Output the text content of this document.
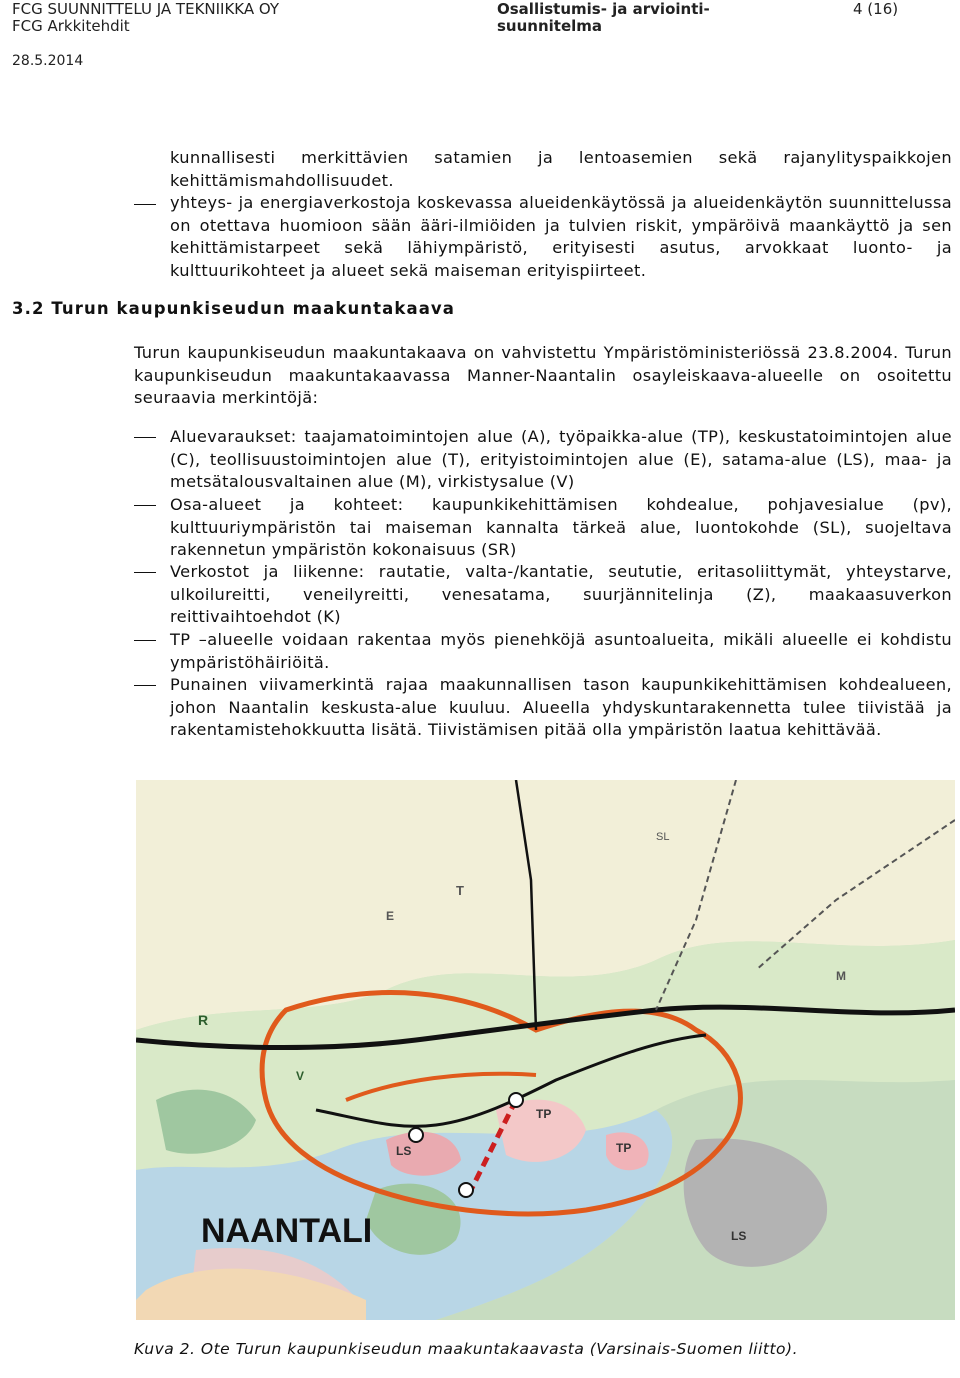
FCG SUUNNITTELU JA TEKNIIKKA OY
FCG Arkkitehdit
28.5.2014
Osallistumis- ja arviointi-
suunnitelma
4 (16)
kunnallisesti merkittävien satamien ja lentoasemien sekä rajanylityspaikkojen kehittämismahdollisuudet.
yhteys- ja energiaverkostoja koskevassa alueidenkäytössä ja alueidenkäytön suunnittelussa on otettava huomioon sään ääri-ilmiöiden ja tulvien riskit, ympäröivä maankäyttö ja sen kehittämistarpeet sekä lähiympäristö, erityisesti asutus, arvokkaat luonto- ja kulttuurikohteet ja alueet sekä maiseman erityispiirteet.
3.2 Turun kaupunkiseudun maakuntakaava
Turun kaupunkiseudun maakuntakaava on vahvistettu Ympäristöministeriössä 23.8.2004. Turun kaupunkiseudun maakuntakaavassa Manner-Naantalin osayleiskaava-alueelle on osoitettu seuraavia merkintöjä:
Aluevaraukset: taajamatoimintojen alue (A), työpaikka-alue (TP), keskustatoimintojen alue (C), teollisuustoimintojen alue (T), erityistoimintojen alue (E), satama-alue (LS), maa- ja metsätalousvaltainen alue (M), virkistysalue (V)
Osa-alueet ja kohteet: kaupunkikehittämisen kohdealue, pohjavesialue (pv), kulttuuriympäristön tai maiseman kannalta tärkeä alue, luontokohde (SL), suojeltava rakennetun ympäristön kokonaisuus (SR)
Verkostot ja liikenne: rautatie, valta-/kantatie, seututie, eritasoliittymät, yhteystarve, ulkoilureitti, veneilyreitti, venesatama, suurjännitelinja (Z), maakaasuverkon reittivaihtoehdot (K)
TP –alueelle voidaan rakentaa myös pienehköjä asuntoalueita, mikäli alueelle ei kohdistu ympäristöhäiriöitä.
Punainen viivamerkintä rajaa maakunnallisen tason kaupunkikehittämisen kohdealueen, johon Naantalin keskusta-alue kuuluu. Alueella yhdyskuntarakennetta tulee tiivistää ja rakentamistehokkuutta lisätä. Tiivistämisen pitää olla ympäristön laatua kehittävää.
R
T
TP
TP
LS
LS
M
V
E
SL
NAANTALI
Kuva 2. Ote Turun kaupunkiseudun maakuntakaavasta (Varsinais-Suomen liitto).
